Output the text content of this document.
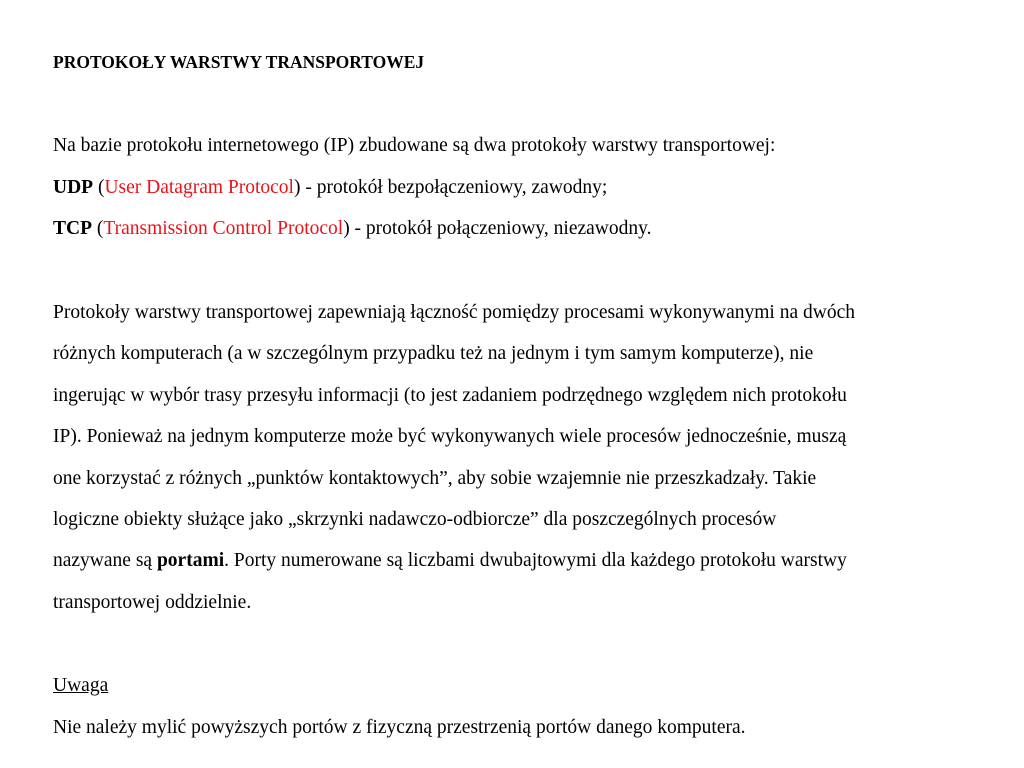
PROTOKOŁY WARSTWY TRANSPORTOWEJ
Na bazie protokołu internetowego (IP) zbudowane są dwa protokoły warstwy transportowej:
UDP (User Datagram Protocol) - protokół bezpołączeniowy, zawodny;
TCP (Transmission Control Protocol) - protokół połączeniowy, niezawodny.
Protokoły warstwy transportowej zapewniają łączność pomiędzy procesami wykonywanymi na dwóch
różnych komputerach (a w szczególnym przypadku też na jednym i tym samym komputerze), nie
ingerując w wybór trasy przesyłu informacji (to jest zadaniem podrzędnego względem nich protokołu
IP). Ponieważ na jednym komputerze może być wykonywanych wiele procesów jednocześnie, muszą
one korzystać z różnych „punktów kontaktowych”, aby sobie wzajemnie nie przeszkadzały. Takie
logiczne obiekty służące jako „skrzynki nadawczo-odbiorcze” dla poszczególnych procesów
nazywane są portami. Porty numerowane są liczbami dwubajtowymi dla każdego protokołu warstwy
transportowej oddzielnie.
Uwaga
Nie należy mylić powyższych portów z fizyczną przestrzenią portów danego komputera.
